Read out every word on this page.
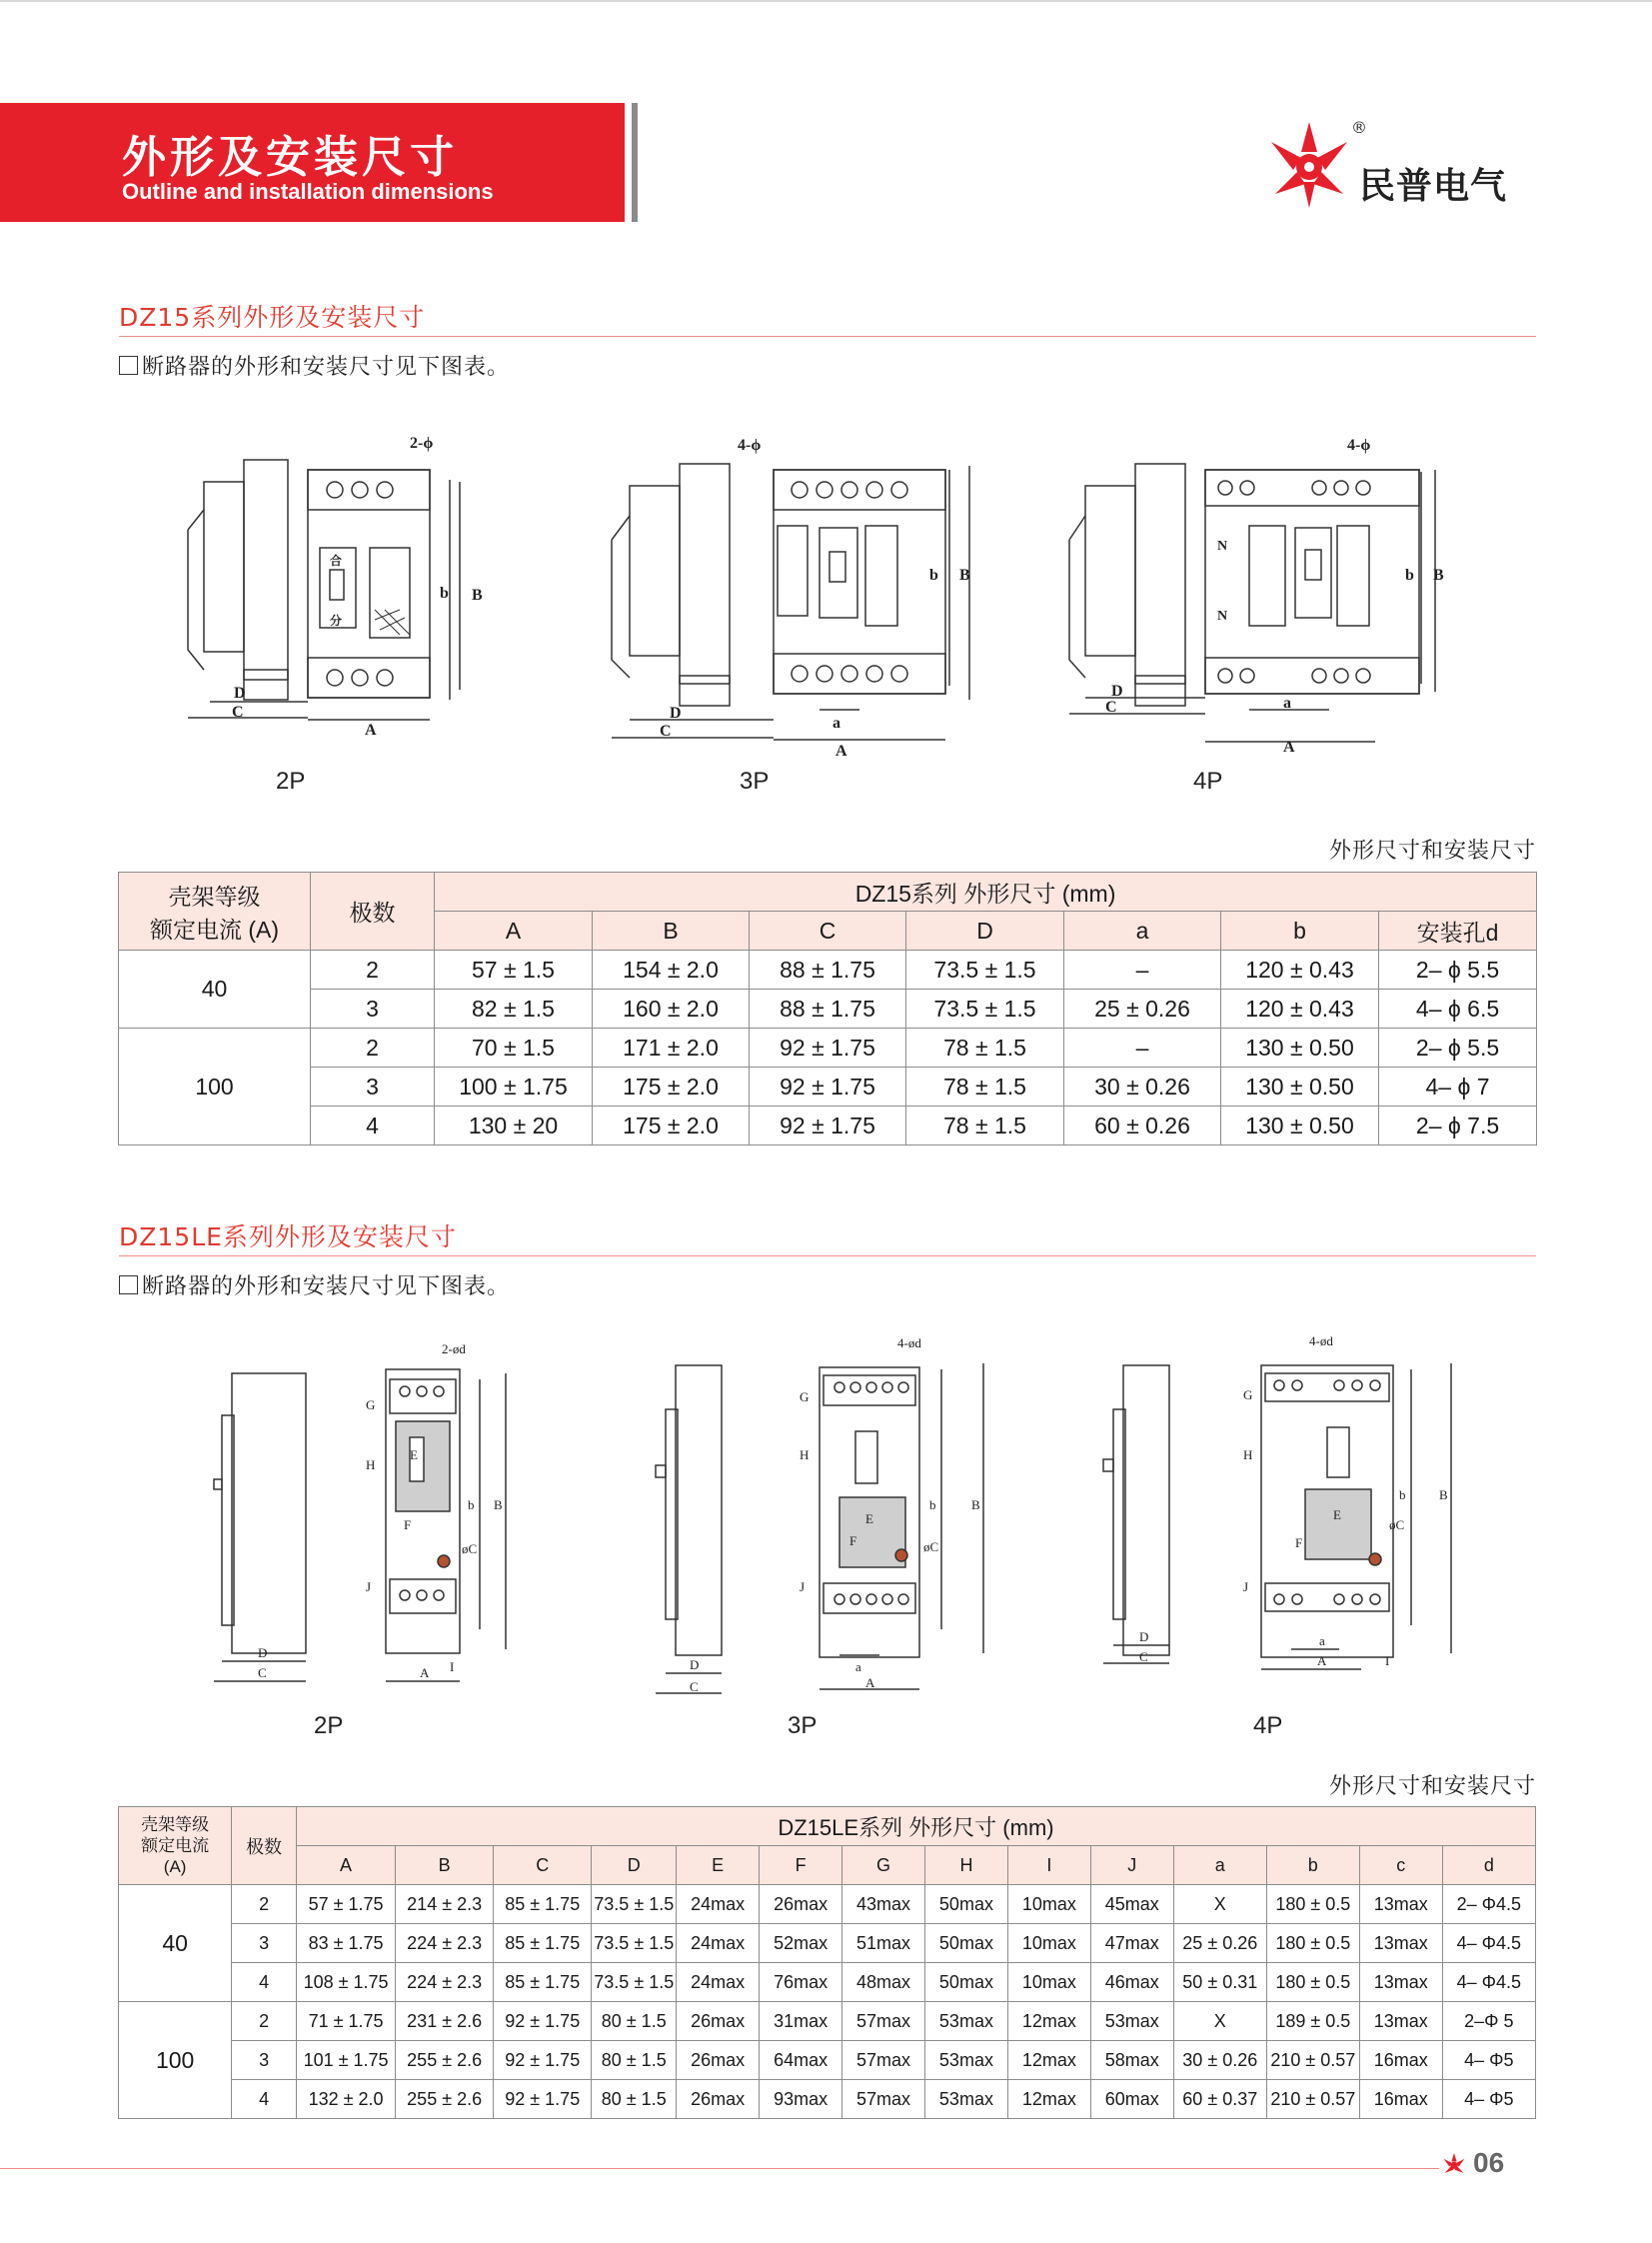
外形及安装尺寸
Outline and installation dimensions
®
民普电气
DZ15系列外形及安装尺寸
断路器的外形和安装尺寸见下图表。
A
B
C
D
b
2-ϕ
合
分
a
A
B
C
D
b
4-ϕ
a
A
B
C
D
b
4-ϕ
N
N
2P	3P	4P
外形尺寸和安装尺寸
壳架等级
额定电流 (A)	极数	DZ15系列 外形尺寸 (mm)						
		A	B	C	D	a	b	安装孔d
40	2	57 ± 1.5	154 ± 2.0	88 ± 1.75	73.5 ± 1.5	–	120 ± 0.43	2– ϕ 5.5
	3	82 ± 1.5	160 ± 2.0	88 ± 1.75	73.5 ± 1.5	25 ± 0.26	120 ± 0.43	4– ϕ 6.5
100	2	70 ± 1.5	171 ± 2.0	92 ± 1.75	78 ± 1.5	–	130 ± 0.50	2– ϕ 5.5
	3	100 ± 1.75	175 ± 2.0	92 ± 1.75	78 ± 1.5	30 ± 0.26	130 ± 0.50	4– ϕ 7
	4	130 ± 20	175 ± 2.0	92 ± 1.75	78 ± 1.5	60 ± 0.26	130 ± 0.50	2– ϕ 7.5
DZ15LE系列外形及安装尺寸
断路器的外形和安装尺寸见下图表。
E
F
G
H
I
J
A
B
C
D
b
øC
2-ød
E
F
G
H
J
a
A
B
C
D
b
øC
4-ød
E
F
G
H
J
a
A
B
I
C
D
b
øC
4-ød
2P	3P	4P
外形尺寸和安装尺寸
壳架等级
额定电流
(A)	极数	DZ15LE系列 外形尺寸 (mm)													
		A	B	C	D	E	F	G	H	I	J	a	b	c	d
40	2	57 ± 1.75	214 ± 2.3	85 ± 1.75	73.5 ± 1.5	24max	26max	43max	50max	10max	45max	X	180 ± 0.5	13max	2– Φ4.5
	3	83 ± 1.75	224 ± 2.3	85 ± 1.75	73.5 ± 1.5	24max	52max	51max	50max	10max	47max	25 ± 0.26	180 ± 0.5	13max	4– Φ4.5
	4	108 ± 1.75	224 ± 2.3	85 ± 1.75	73.5 ± 1.5	24max	76max	48max	50max	10max	46max	50 ± 0.31	180 ± 0.5	13max	4– Φ4.5
100	2	71 ± 1.75	231 ± 2.6	92 ± 1.75	80 ± 1.5	26max	31max	57max	53max	12max	53max	X	189 ± 0.5	13max	2–Φ 5
	3	101 ± 1.75	255 ± 2.6	92 ± 1.75	80 ± 1.5	26max	64max	57max	53max	12max	58max	30 ± 0.26	210 ± 0.57	16max	4– Φ5
	4	132 ± 2.0	255 ± 2.6	92 ± 1.75	80 ± 1.5	26max	93max	57max	53max	12max	60max	60 ± 0.37	210 ± 0.57	16max	4– Φ5
06
